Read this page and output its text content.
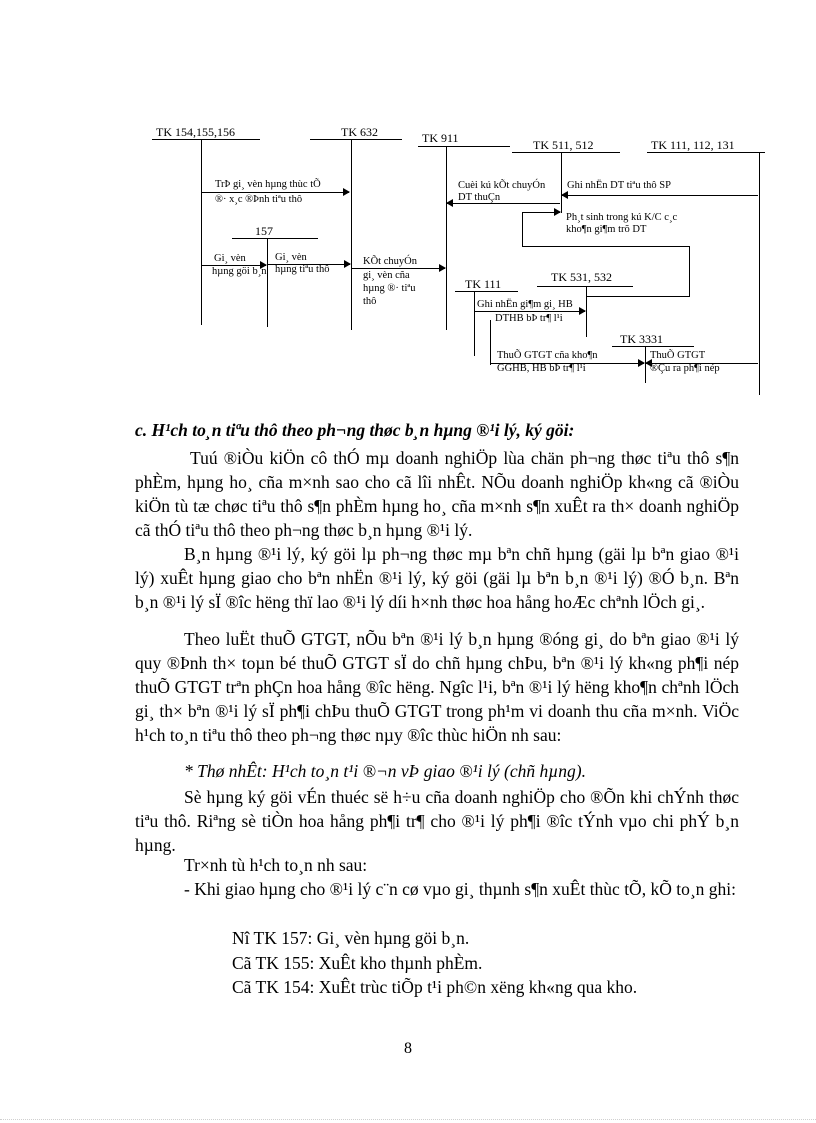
TK 154,155,156	TK 632	TK 911	TK 511, 512	TK 111, 112, 131
157
TrÞ gi¸ vèn hµng thùc tÕ
®· x¸c ®Þnh tiªu thô
Gi¸ vèn
hµng göi b¸n
Gi¸ vèn
hµng tiªu thô
KÕt chuyÓn
gi¸ vèn cña
hµng ®· tiªu
thô
Cuèi kú kÕt chuyÓn
DT thuÇn
Ghi nhËn DT tiªu thô SP
Ph¸t sinh trong kú K/C c¸c
kho¶n gi¶m trõ DT
TK 111	TK 531, 532
Ghi nhËn gi¶m gi¸ HB
DTHB bÞ tr¶ l¹i
TK 3331
ThuÕ GTGT cña kho¶n
GGHB, HB bÞ tr¶ l¹i
ThuÕ GTGT
®Çu ra ph¶i nép
c. H¹ch to¸n tiªu thô theo ph¬ng thøc b¸n hµng ®¹i lý, ký göi:
Tuú ®iÒu kiÖn cô thÓ mµ doanh nghiÖp lùa chän ph¬ng thøc tiªu thô s¶n phÈm, hµng ho¸ cña m×nh sao cho cã lîi nhÊt. NÕu doanh nghiÖp kh«ng cã ®iÒu kiÖn tù tæ chøc tiªu thô s¶n phÈm hµng ho¸ cña m×nh s¶n xuÊt ra th× doanh nghiÖp cã thÓ tiªu thô theo ph¬ng thøc b¸n hµng ®¹i lý.
B¸n hµng ®¹i lý, ký göi lµ ph¬ng thøc mµ bªn chñ hµng (gäi lµ bªn giao ®¹i lý) xuÊt hµng giao cho bªn nhËn ®¹i lý, ký göi (gäi lµ bªn b¸n ®¹i lý) ®Ó b¸n. Bªn b¸n ®¹i lý sÏ ®îc hëng thï lao ®¹i lý díi h×nh thøc hoa hång hoÆc chªnh lÖch gi¸.
Theo luËt thuÕ GTGT, nÕu bªn ®¹i lý b¸n hµng ®óng gi¸ do bªn giao ®¹i lý quy ®Þnh th× toµn bé thuÕ GTGT sÏ do chñ hµng chÞu, bªn ®¹i lý kh«ng ph¶i nép thuÕ GTGT trªn phÇn hoa hång ®îc hëng. Ngîc l¹i, bªn ®¹i lý hëng kho¶n chªnh lÖch gi¸ th× bªn ®¹i lý sÏ ph¶i chÞu thuÕ GTGT trong ph¹m vi doanh thu cña m×nh. ViÖc h¹ch to¸n tiªu thô theo ph¬ng thøc nµy ®îc thùc hiÖn nh sau:
* Thø nhÊt: H¹ch to¸n t¹i ®¬n vÞ giao ®¹i lý (chñ hµng).
Sè hµng ký göi vÉn thuéc së h÷u cña doanh nghiÖp cho ®Õn khi chÝnh thøc tiªu thô. Riªng sè tiÒn hoa hång ph¶i tr¶ cho ®¹i lý ph¶i ®îc tÝnh vµo chi phÝ b¸n hµng.
Tr×nh tù h¹ch to¸n nh sau:
- Khi giao hµng cho ®¹i lý c¨n cø vµo gi¸ thµnh s¶n xuÊt thùc tÕ, kÕ to¸n ghi:
Nî TK 157: Gi¸ vèn hµng göi b¸n.
Cã TK 155: XuÊt kho thµnh phÈm.
Cã TK 154: XuÊt trùc tiÕp t¹i ph©n xëng kh«ng qua kho.
8
